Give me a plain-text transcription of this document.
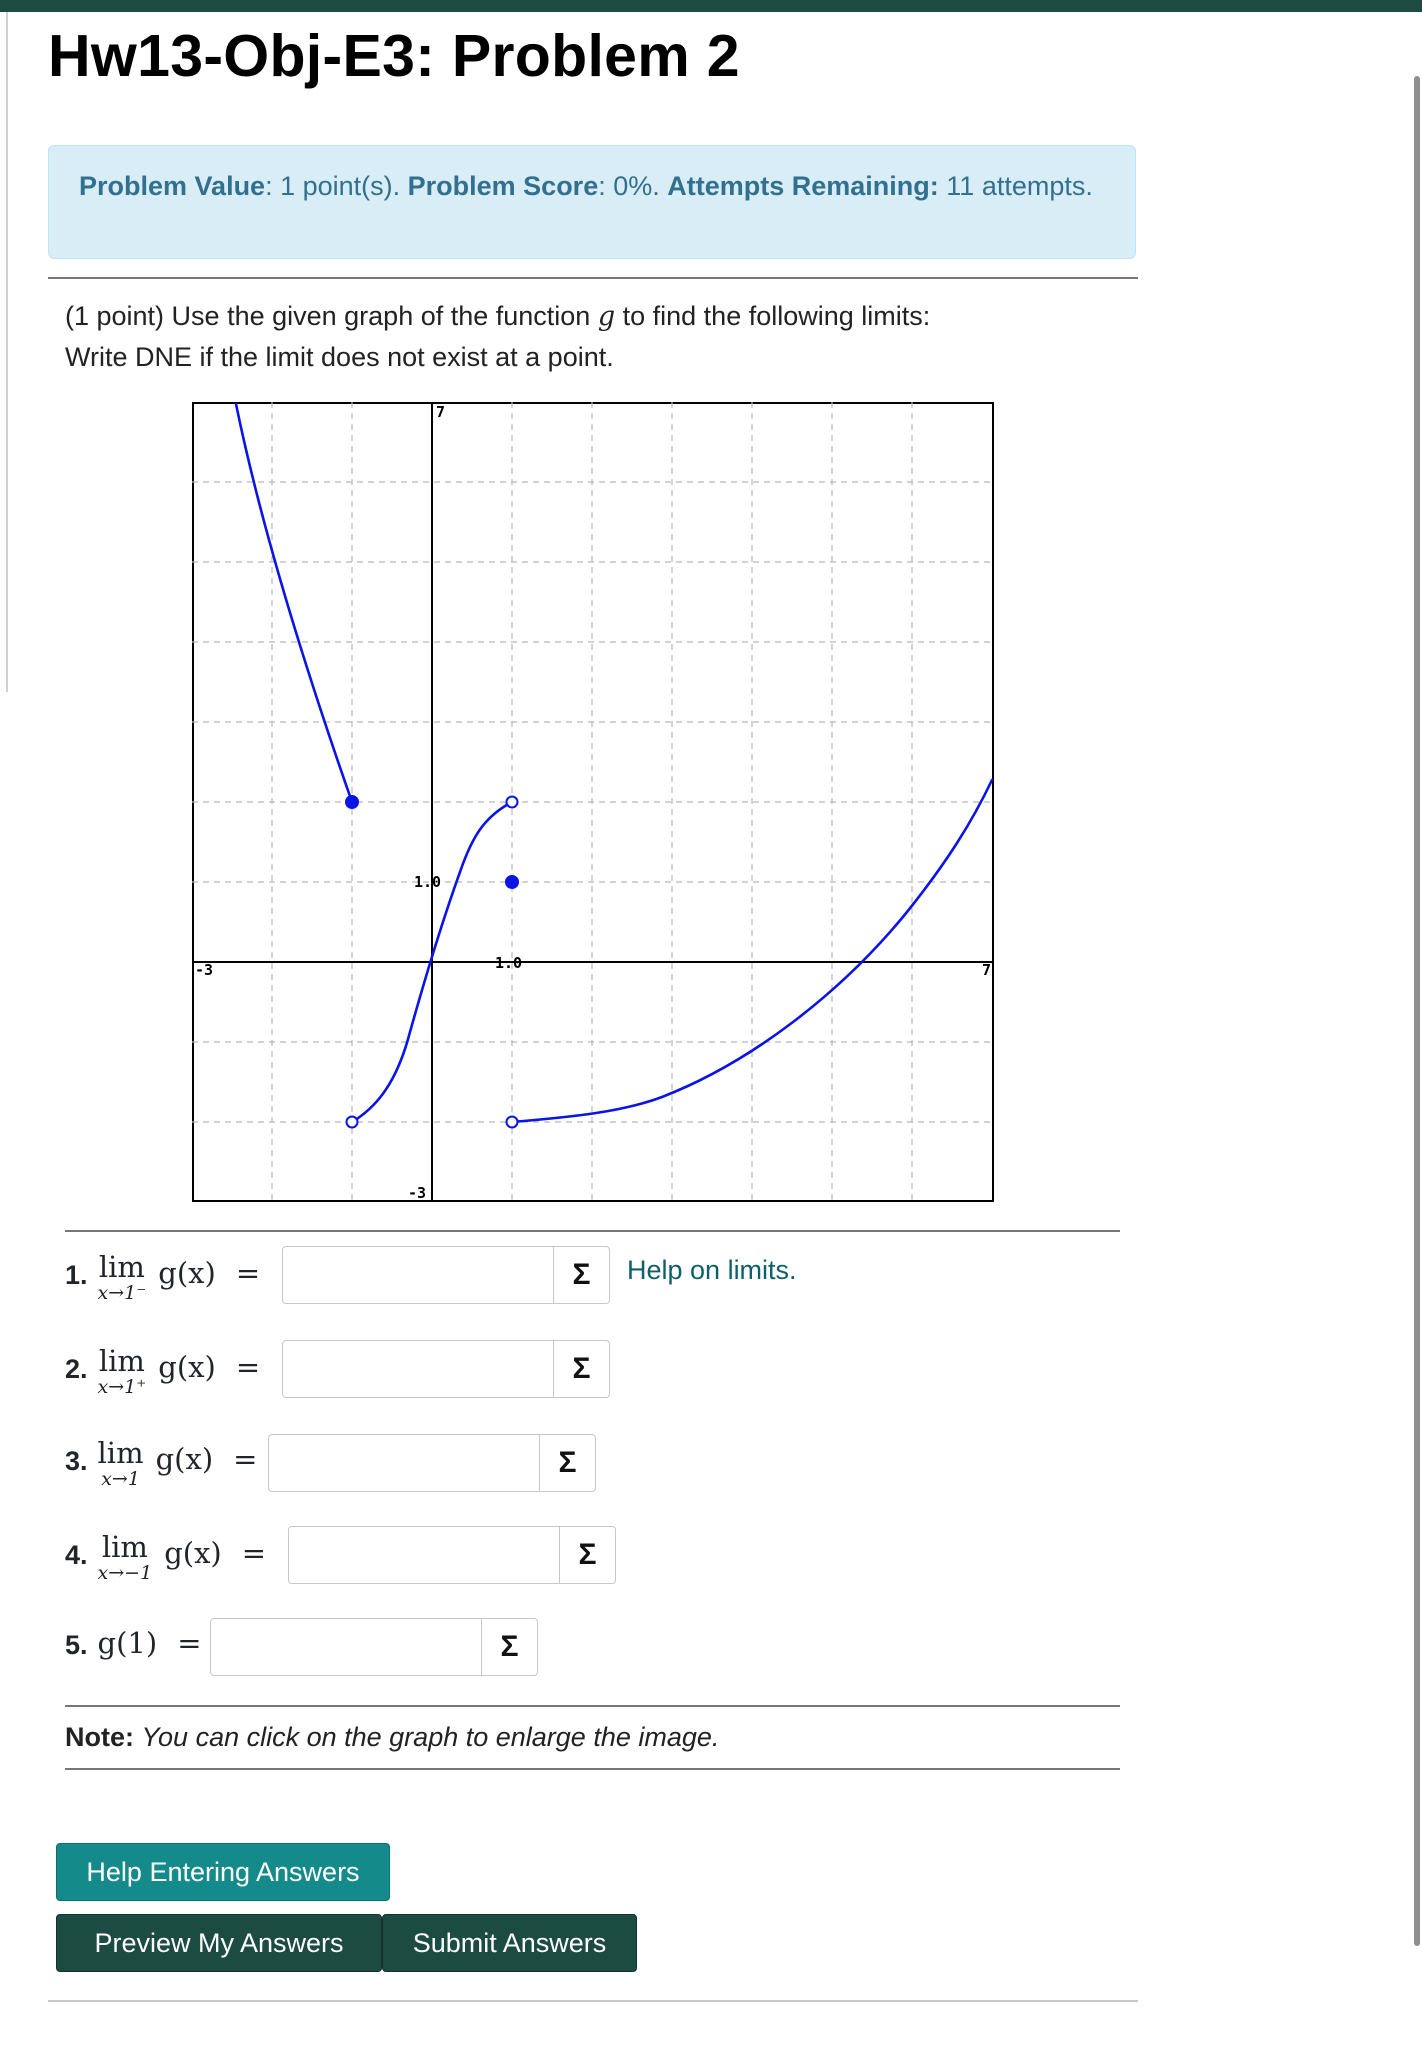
Hw13-Obj-E3: Problem 2
Problem Value: 1 point(s). Problem Score: 0%. Attempts Remaining: 11 attempts.
(1 point) Use the given graph of the function g to find the following limits:
Write DNE if the limit does not exist at a point.
7
-3
-3	7
1.0
1.0
1. lim
x→1⁻
g(x) =	Σ Help on limits.
2. lim
x→1⁺
g(x) =	Σ
3. lim
x→1
g(x) =	Σ
4. lim
x→−1
g(x) =	Σ
5. g(1) =	Σ
Note: You can click on the graph to enlarge the image.
Help Entering Answers
Preview My Answers	Submit Answers
